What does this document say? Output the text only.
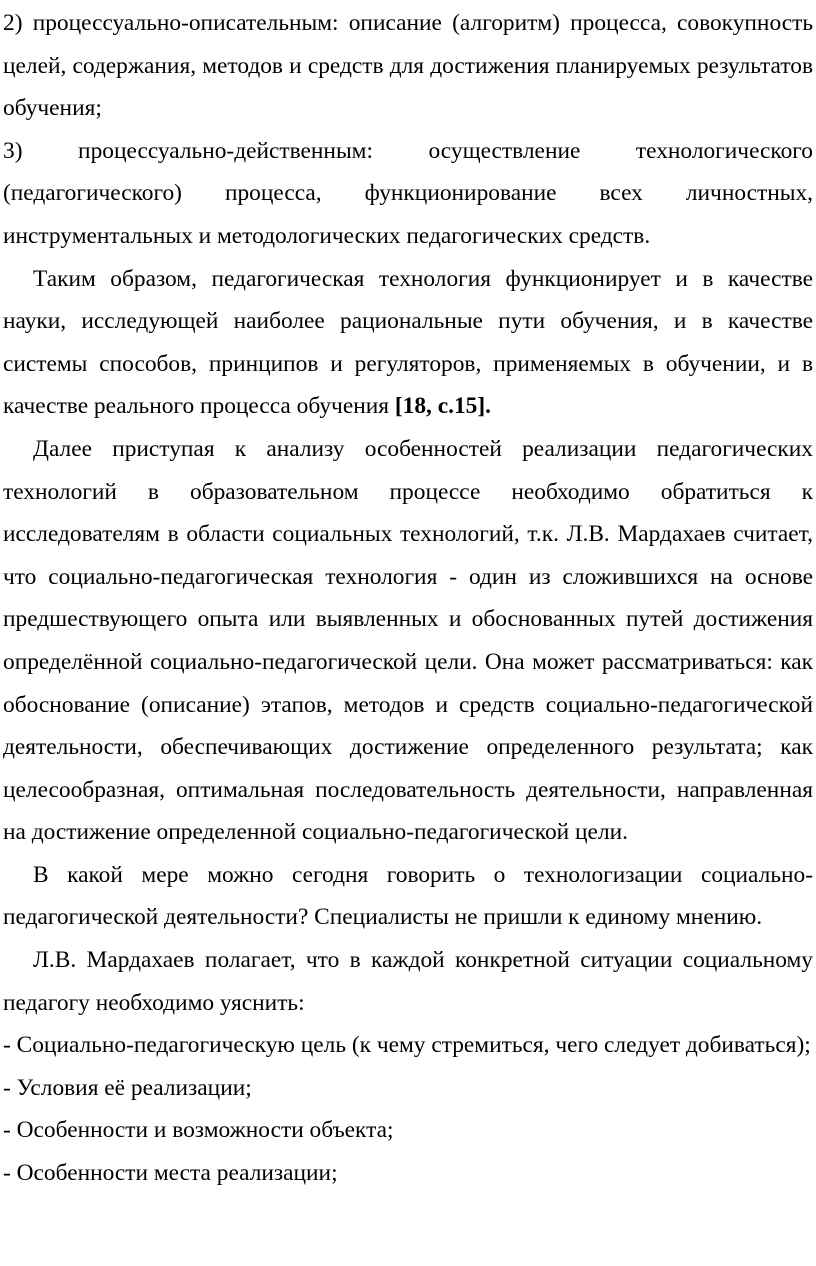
2) процессуально-описательным: описание (алгоритм) процесса, совокупность целей, содержания, методов и средств для достижения планируемых результатов обучения;

3) процессуально-действенным: осуществление технологического (педагогического) процесса, функционирование всех личностных, инструментальных и методологических педагогических средств.

Таким образом, педагогическая технология функционирует и в качестве науки, исследующей наиболее рациональные пути обучения, и в качестве системы способов, принципов и регуляторов, применяемых в обучении, и в качестве реального процесса обучения [18, с.15].

Далее приступая к анализу особенностей реализации педагогических технологий в образовательном процессе необходимо обратиться к исследователям в области социальных технологий, т.к. Л.В. Мардахаев считает, что социально-педагогическая технология - один из сложившихся на основе предшествующего опыта или выявленных и обоснованных путей достижения определённой социально-педагогической цели. Она может рассматриваться: как обоснование (описание) этапов, методов и средств социально-педагогической деятельности, обеспечивающих достижение определенного результата; как целесообразная, оптимальная последовательность деятельности, направленная на достижение определенной социально-педагогической цели.

В какой мере можно сегодня говорить о технологизации социально-педагогической деятельности? Специалисты не пришли к единому мнению.

Л.В. Мардахаев полагает, что в каждой конкретной ситуации социальному педагогу необходимо уяснить:

- Социально-педагогическую цель (к чему стремиться, чего следует добиваться);

- Условия её реализации;

- Особенности и возможности объекта;

- Особенности места реализации;
